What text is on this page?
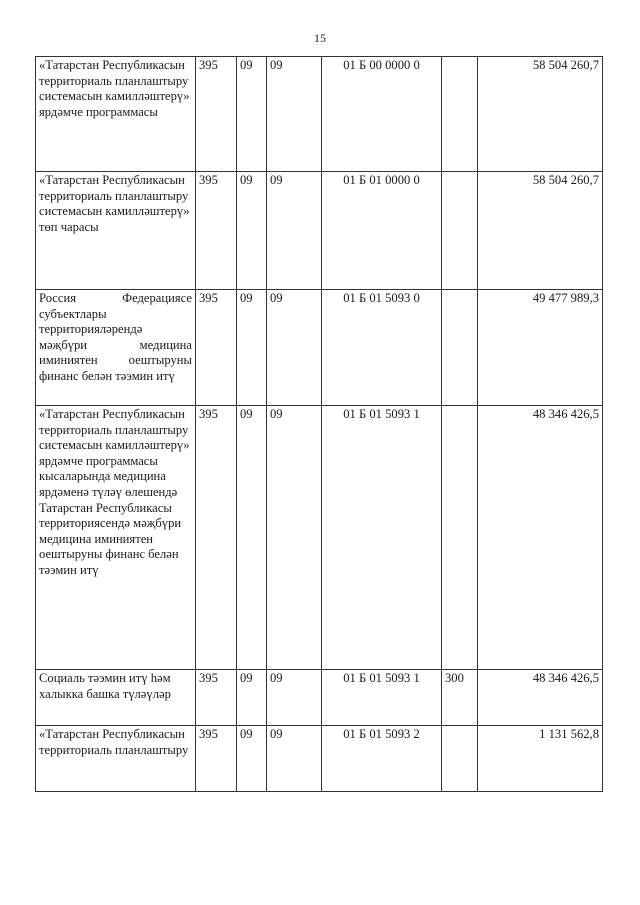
15
«Татарстан Республикасын территориаль планлаштыру системасын камилләштерү» ярдәмче программасы	395	09	09	01 Б 00 0000 0		58 504 260,7
«Татарстан Республикасын территориаль планлаштыру системасын камилләштерү» төп чарасы	395	09	09	01 Б 01 0000 0		58 504 260,7
Россия Федерациясе субъектлары территорияләрендә мәҗбүри медицина иминиятен оештыруны финанс белән тәэмин итү	395	09	09	01 Б 01 5093 0		49 477 989,3
«Татарстан Республикасын территориаль планлаштыру системасын камилләштерү» ярдәмче программасы кысаларында медицина ярдәменә түләү өлешендә Татарстан Республикасы территориясендә мәҗбүри медицина иминиятен оештыруны финанс белән тәэмин итү	395	09	09	01 Б 01 5093 1		48 346 426,5
Социаль тәэмин итү һәм халыкка башка түләүләр	395	09	09	01 Б 01 5093 1	300	48 346 426,5
«Татарстан Республикасын территориаль планлаштыру	395	09	09	01 Б 01 5093 2		1 131 562,8
